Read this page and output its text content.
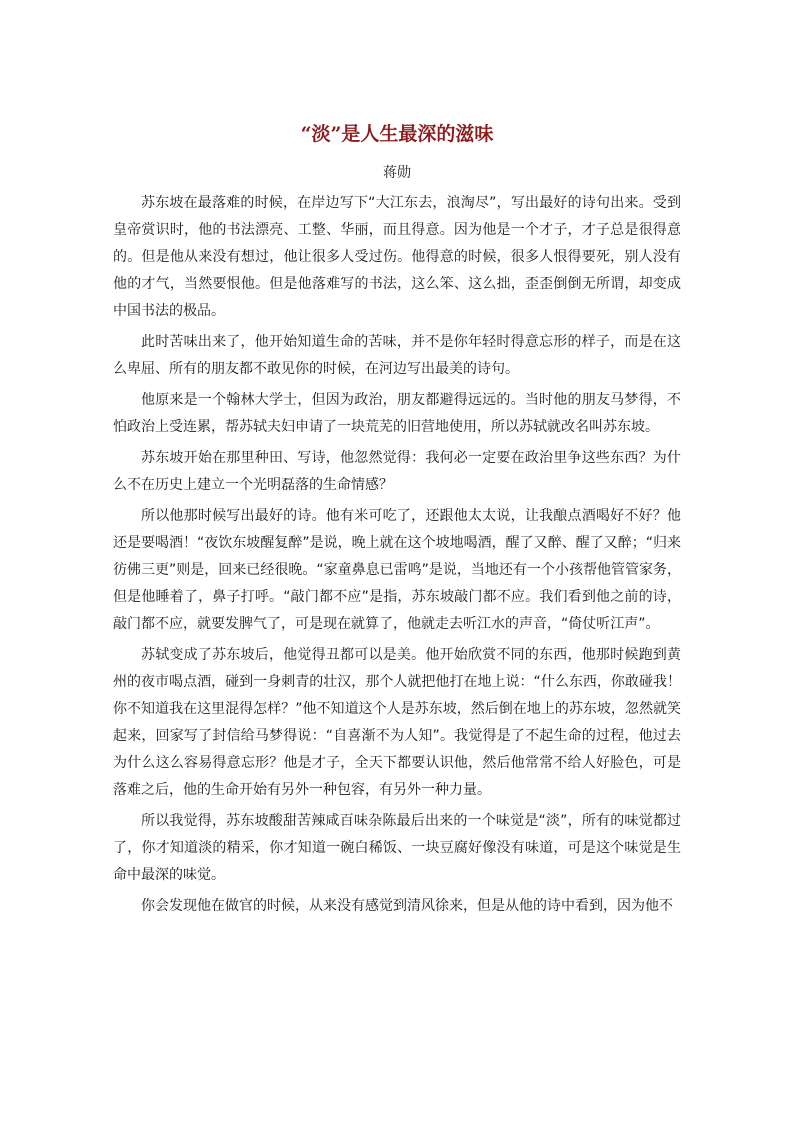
“淡”是人生最深的滋味
蒋勋

苏东坡在最落难的时候，在岸边写下“大江东去，浪淘尽”，写出最好的诗句出来。受到皇帝赏识时，他的书法漂亮、工整、华丽，而且得意。因为他是一个才子，才子总是很得意的。但是他从来没有想过，他让很多人受过伤。他得意的时候，很多人恨得要死，别人没有他的才气，当然要恨他。但是他落难写的书法，这么笨、这么拙，歪歪倒倒无所谓，却变成中国书法的极品。

此时苦味出来了，他开始知道生命的苦味，并不是你年轻时得意忘形的样子，而是在这么卑屈、所有的朋友都不敢见你的时候，在河边写出最美的诗句。

他原来是一个翰林大学士，但因为政治，朋友都避得远远的。当时他的朋友马梦得，不怕政治上受连累，帮苏轼夫妇申请了一块荒芜的旧营地使用，所以苏轼就改名叫苏东坡。

苏东坡开始在那里种田、写诗，他忽然觉得：我何必一定要在政治里争这些东西？为什么不在历史上建立一个光明磊落的生命情感？

所以他那时候写出最好的诗。他有米可吃了，还跟他太太说，让我酿点酒喝好不好？他还是要喝酒！“夜饮东坡醒复醉”是说，晚上就在这个坡地喝酒，醒了又醉、醒了又醉；“归来彷佛三更”则是，回来已经很晚。“家童鼻息已雷鸣”是说，当地还有一个小孩帮他管管家务，但是他睡着了，鼻子打呼。“敲门都不应”是指，苏东坡敲门都不应。我们看到他之前的诗，敲门都不应，就要发脾气了，可是现在就算了，他就走去听江水的声音，“倚仗听江声”。

苏轼变成了苏东坡后，他觉得丑都可以是美。他开始欣赏不同的东西，他那时候跑到黄州的夜市喝点酒，碰到一身刺青的壮汉，那个人就把他打在地上说：“什么东西，你敢碰我！你不知道我在这里混得怎样？”他不知道这个人是苏东坡，然后倒在地上的苏东坡，忽然就笑起来，回家写了封信给马梦得说：“自喜渐不为人知”。我觉得是了不起生命的过程，他过去为什么这么容易得意忘形？他是才子，全天下都要认识他，然后他常常不给人好脸色，可是落难之后，他的生命开始有另外一种包容，有另外一种力量。

所以我觉得，苏东坡酸甜苦辣咸百味杂陈最后出来的一个味觉是“淡”，所有的味觉都过了，你才知道淡的精采，你才知道一碗白稀饭、一块豆腐好像没有味道，可是这个味觉是生命中最深的味觉。

你会发现他在做官的时候，从来没有感觉到清风徐来，但是从他的诗中看到，因为他不
